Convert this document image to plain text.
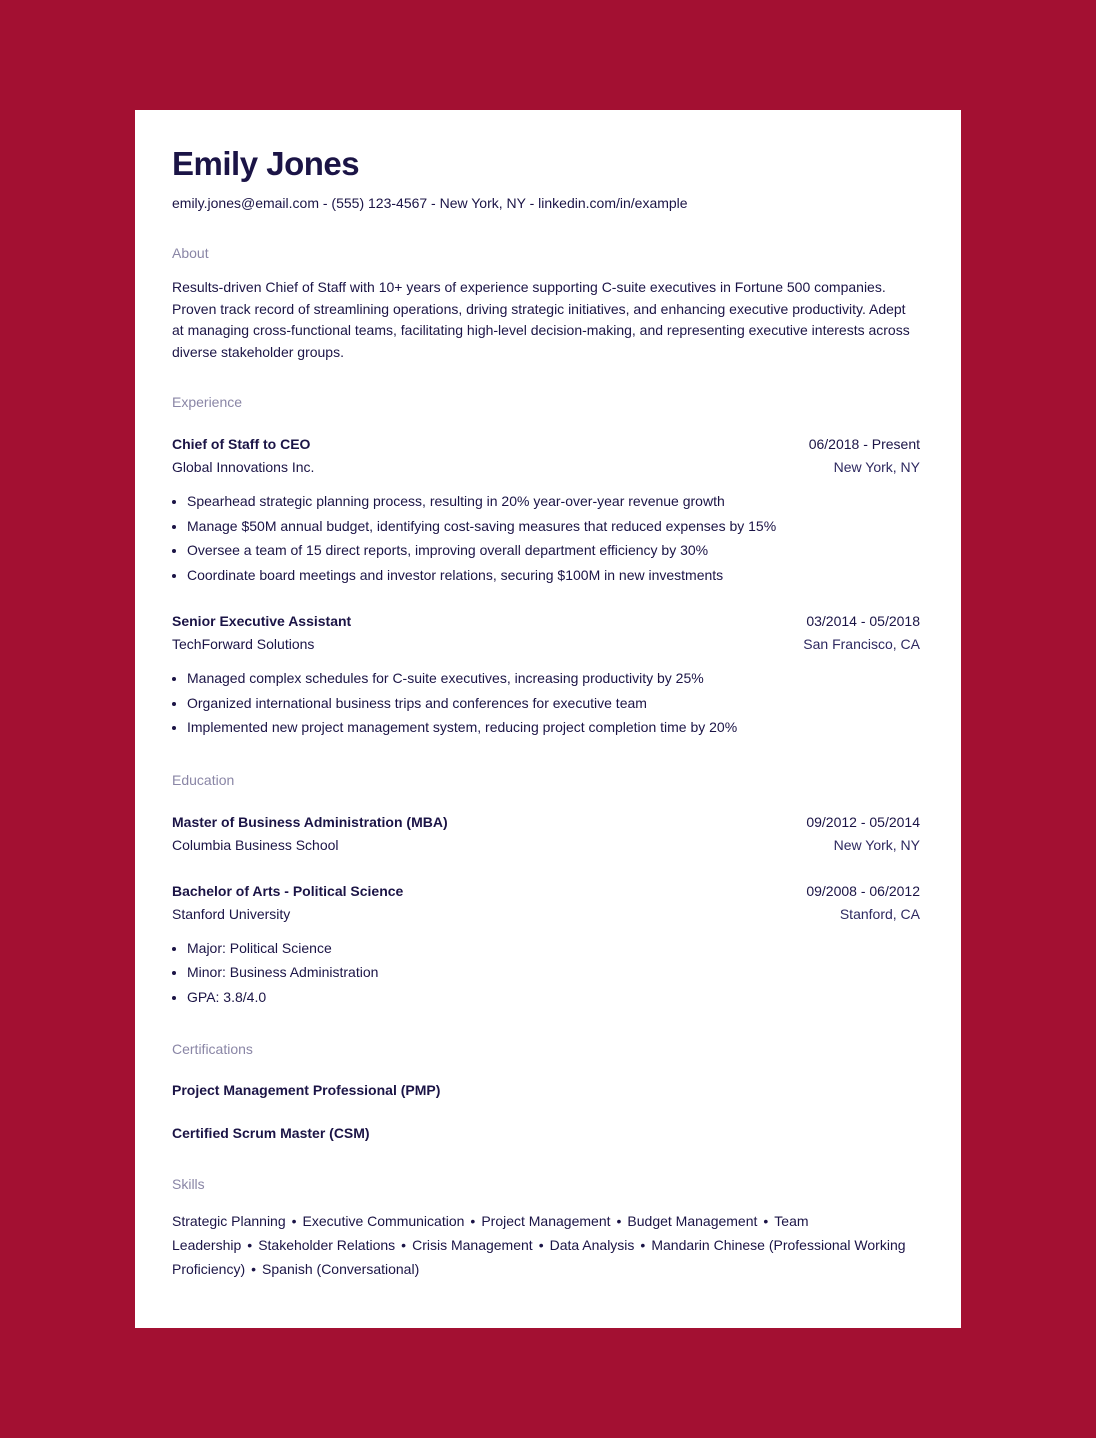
Emily Jones
emily.jones@email.com - (555) 123-4567 - New York, NY - linkedin.com/in/example
About
Results-driven Chief of Staff with 10+ years of experience supporting C-suite executives in Fortune 500 companies. Proven track record of streamlining operations, driving strategic initiatives, and enhancing executive productivity. Adept at managing cross-functional teams, facilitating high-level decision-making, and representing executive interests across diverse stakeholder groups.
Experience
Chief of Staff to CEO	06/2018 - Present
Global Innovations Inc.	New York, NY
• Spearhead strategic planning process, resulting in 20% year-over-year revenue growth
• Manage $50M annual budget, identifying cost-saving measures that reduced expenses by 15%
• Oversee a team of 15 direct reports, improving overall department efficiency by 30%
• Coordinate board meetings and investor relations, securing $100M in new investments
Senior Executive Assistant	03/2014 - 05/2018
TechForward Solutions	San Francisco, CA
• Managed complex schedules for C-suite executives, increasing productivity by 25%
• Organized international business trips and conferences for executive team
• Implemented new project management system, reducing project completion time by 20%
Education
Master of Business Administration (MBA)	09/2012 - 05/2014
Columbia Business School	New York, NY
Bachelor of Arts - Political Science	09/2008 - 06/2012
Stanford University	Stanford, CA
• Major: Political Science
• Minor: Business Administration
• GPA: 3.8/4.0
Certifications
Project Management Professional (PMP)
Certified Scrum Master (CSM)
Skills
Strategic Planning • Executive Communication • Project Management • Budget Management • Team Leadership • Stakeholder Relations • Crisis Management • Data Analysis • Mandarin Chinese (Professional Working Proficiency) • Spanish (Conversational)
